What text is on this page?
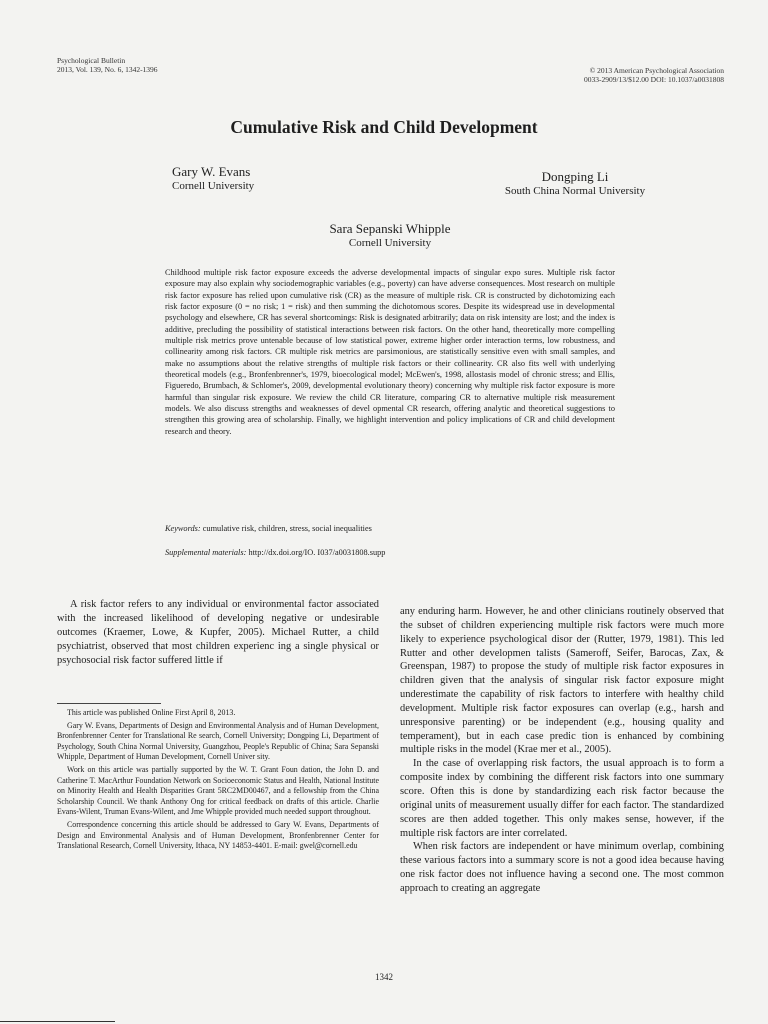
Psychological Bulletin
2013, Vol. 139, No. 6, 1342-1396	© 2013 American Psychological Association
0033-2909/13/$12.00 DOI: 10.1037/a0031808
Cumulative Risk and Child Development
Gary W. Evans
Cornell University
Dongping Li
South China Normal University
Sara Sepanski Whipple
Cornell University
Childhood multiple risk factor exposure exceeds the adverse developmental impacts of singular expo sures. Multiple risk factor exposure may also explain why sociodemographic variables (e.g., poverty) can have adverse consequences. Most research on multiple risk factor exposure has relied upon cumulative risk (CR) as the measure of multiple risk. CR is constructed by dichotomizing each risk factor exposure (0 = no risk; 1 = risk) and then summing the dichotomous scores. Despite its widespread use in developmental psychology and elsewhere, CR has several shortcomings: Risk is designated arbitrarily; data on risk intensity are lost; and the index is additive, precluding the possibility of statistical interactions between risk factors. On the other hand, theoretically more compelling multiple risk metrics prove untenable because of low statistical power, extreme higher order interaction terms, low robustness, and collinearity among risk factors. CR multiple risk metrics are parsimonious, are statistically sensitive even with small samples, and make no assumptions about the relative strengths of multiple risk factors or their collinearity. CR also fits well with underlying theoretical models (e.g., Bronfenbrenner's, 1979, bioecological model; McEwen's, 1998, allostasis model of chronic stress; and Ellis, Figueredo, Brumbach, & Schlomer's, 2009, developmental evolutionary theory) concerning why multiple risk factor exposure is more harmful than singular risk exposure. We review the child CR literature, comparing CR to alternative multiple risk measurement models. We also discuss strengths and weaknesses of devel opmental CR research, offering analytic and theoretical suggestions to strengthen this growing area of scholarship. Finally, we highlight intervention and policy implications of CR and child development research and theory.
Keywords: cumulative risk, children, stress, social inequalities
Supplemental materials: http://dx.doi.org/IO. I037/a0031808.supp

A risk factor refers to any individual or environmental factor associated with the increased likelihood of developing negative or undesirable outcomes (Kraemer, Lowe, & Kupfer, 2005). Michael Rutter, a child psychiatrist, observed that most children experienc ing a single physical or psychosocial risk factor suffered little if

This article was published Online First April 8, 2013.

Gary W. Evans, Departments of Design and Environmental Analysis and of Human Development, Bronfenbrenner Center for Translational Re search, Cornell University; Dongping Li, Department of Psychology, South China Normal University, Guangzhou, People's Republic of China; Sara Sepanski Whipple, Department of Human Development, Cornell Univer sity.

Work on this article was partially supported by the W. T. Grant Foun dation, the John D. and Catherine T. MacArthur Foundation Network on Socioeconomic Status and Health, National Institute on Minority Health and Health Disparities Grant 5RC2MD00467, and a fellowship from the China Scholarship Council. We thank Anthony Ong for critical feedback on drafts of this article. Charlie Evans-Wilent, Truman Evans-Wilent, and Jme Whipple provided much needed support throughout.

Correspondence concerning this article should be addressed to Gary W. Evans, Departments of Design and Environmental Analysis and of Human Development, Bronfenbrenner Center for Translational Research, Cornell University, Ithaca, NY 14853-4401. E-mail: gwel@cornell.edu

any enduring harm. However, he and other clinicians routinely observed that the subset of children experiencing multiple risk factors were much more likely to experience psychological disor der (Rutter, 1979, 1981). This led Rutter and other developmen talists (Sameroff, Seifer, Barocas, Zax, & Greenspan, 1987) to propose the study of multiple risk factor exposures in children given that the analysis of singular risk factor exposure might underestimate the capability of risk factors to interfere with healthy child development. Multiple risk factor exposures can overlap (e.g., harsh and unresponsive parenting) or be independent (e.g., housing quality and temperament), but in each case predic tion is enhanced by combining multiple risks in the model (Krae mer et al., 2005).

In the case of overlapping risk factors, the usual approach is to form a composite index by combining the different risk factors into one summary score. Often this is done by standardizing each risk factor because the original units of measurement usually differ for each factor. The standardized scores are then added together. This only makes sense, however, if the multiple risk factors are inter correlated.

When risk factors are independent or have minimum overlap, combining these various factors into a summary score is not a good idea because having one risk factor does not influence having a second one. The most common approach to creating an aggregate

1342
